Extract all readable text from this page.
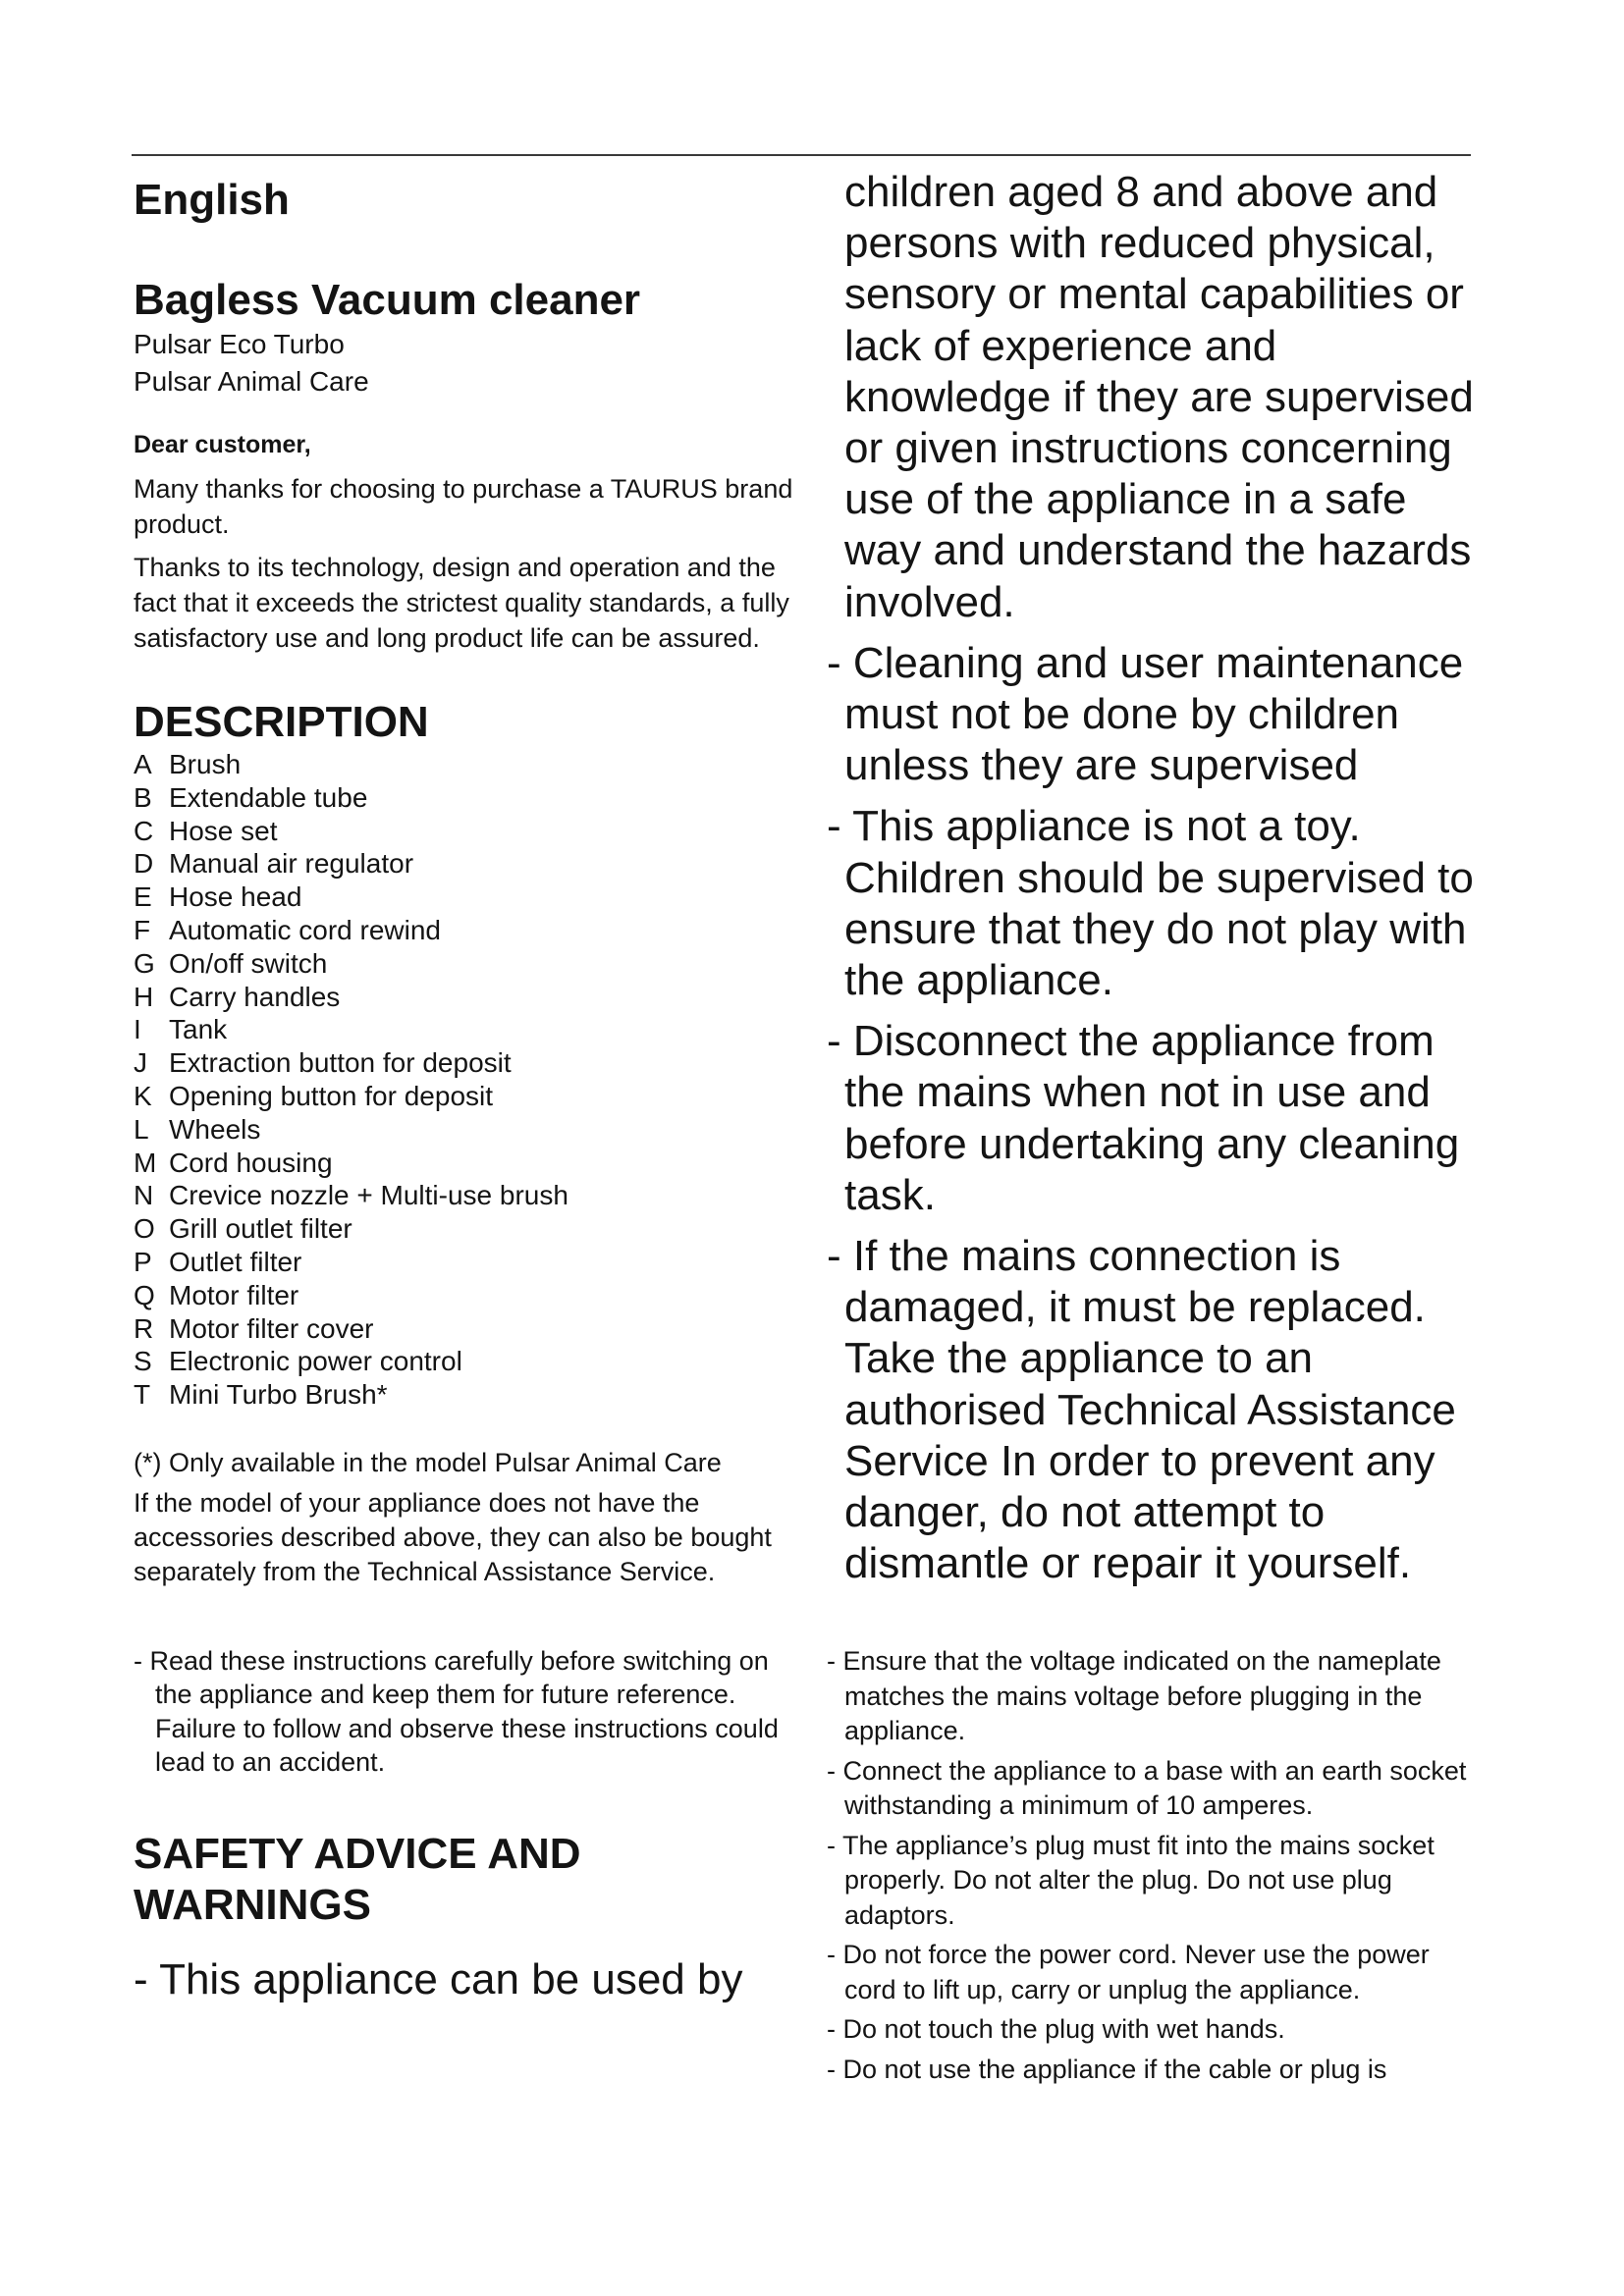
English
Bagless Vacuum cleaner

Pulsar Eco Turbo

Pulsar Animal Care

Dear customer,

Many thanks for choosing to purchase a TAURUS brand product.

Thanks to its technology, design and operation and the fact that it exceeds the strictest quality standards, a fully satisfactory use and long product life can be assured.

DESCRIPTION
A Brush
B Extendable tube
C Hose set
D Manual air regulator
E Hose head
F Automatic cord rewind
G On/off switch
H Carry handles
I Tank
J Extraction button for deposit
K Opening button for deposit
L Wheels
M Cord housing
N Crevice nozzle + Multi-use brush
O Grill outlet filter
P Outlet filter
Q Motor filter
R Motor filter cover
S Electronic power control
T Mini Turbo Brush*

(*) Only available in the model Pulsar Animal Care

If the model of your appliance does not have the accessories described above, they can also be bought separately from the Technical Assistance Service.

- Read these instructions carefully before switching on the appliance and keep them for future reference. Failure to follow and observe these instructions could lead to an accident.

SAFETY ADVICE AND WARNINGS

- This appliance can be used by

children aged 8 and above and persons with reduced physical, sensory or mental capabilities or lack of experience and knowledge if they are supervised or given instructions concerning use of the appliance in a safe way and understand the hazards involved.

- Cleaning and user maintenance must not be done by children unless they are supervised

- This appliance is not a toy. Children should be supervised to ensure that they do not play with the appliance.

- Disconnect the appliance from the mains when not in use and before undertaking any cleaning task.

- If the mains connection is damaged, it must be replaced. Take the appliance to an authorised Technical Assistance Service In order to prevent any danger, do not attempt to dismantle or repair it yourself.

- Ensure that the voltage indicated on the nameplate matches the mains voltage before plugging in the appliance.

- Connect the appliance to a base with an earth socket withstanding a minimum of 10 amperes.

- The appliance’s plug must fit into the mains socket properly. Do not alter the plug. Do not use plug adaptors.

- Do not force the power cord. Never use the power cord to lift up, carry or unplug the appliance.

- Do not touch the plug with wet hands.

- Do not use the appliance if the cable or plug is
